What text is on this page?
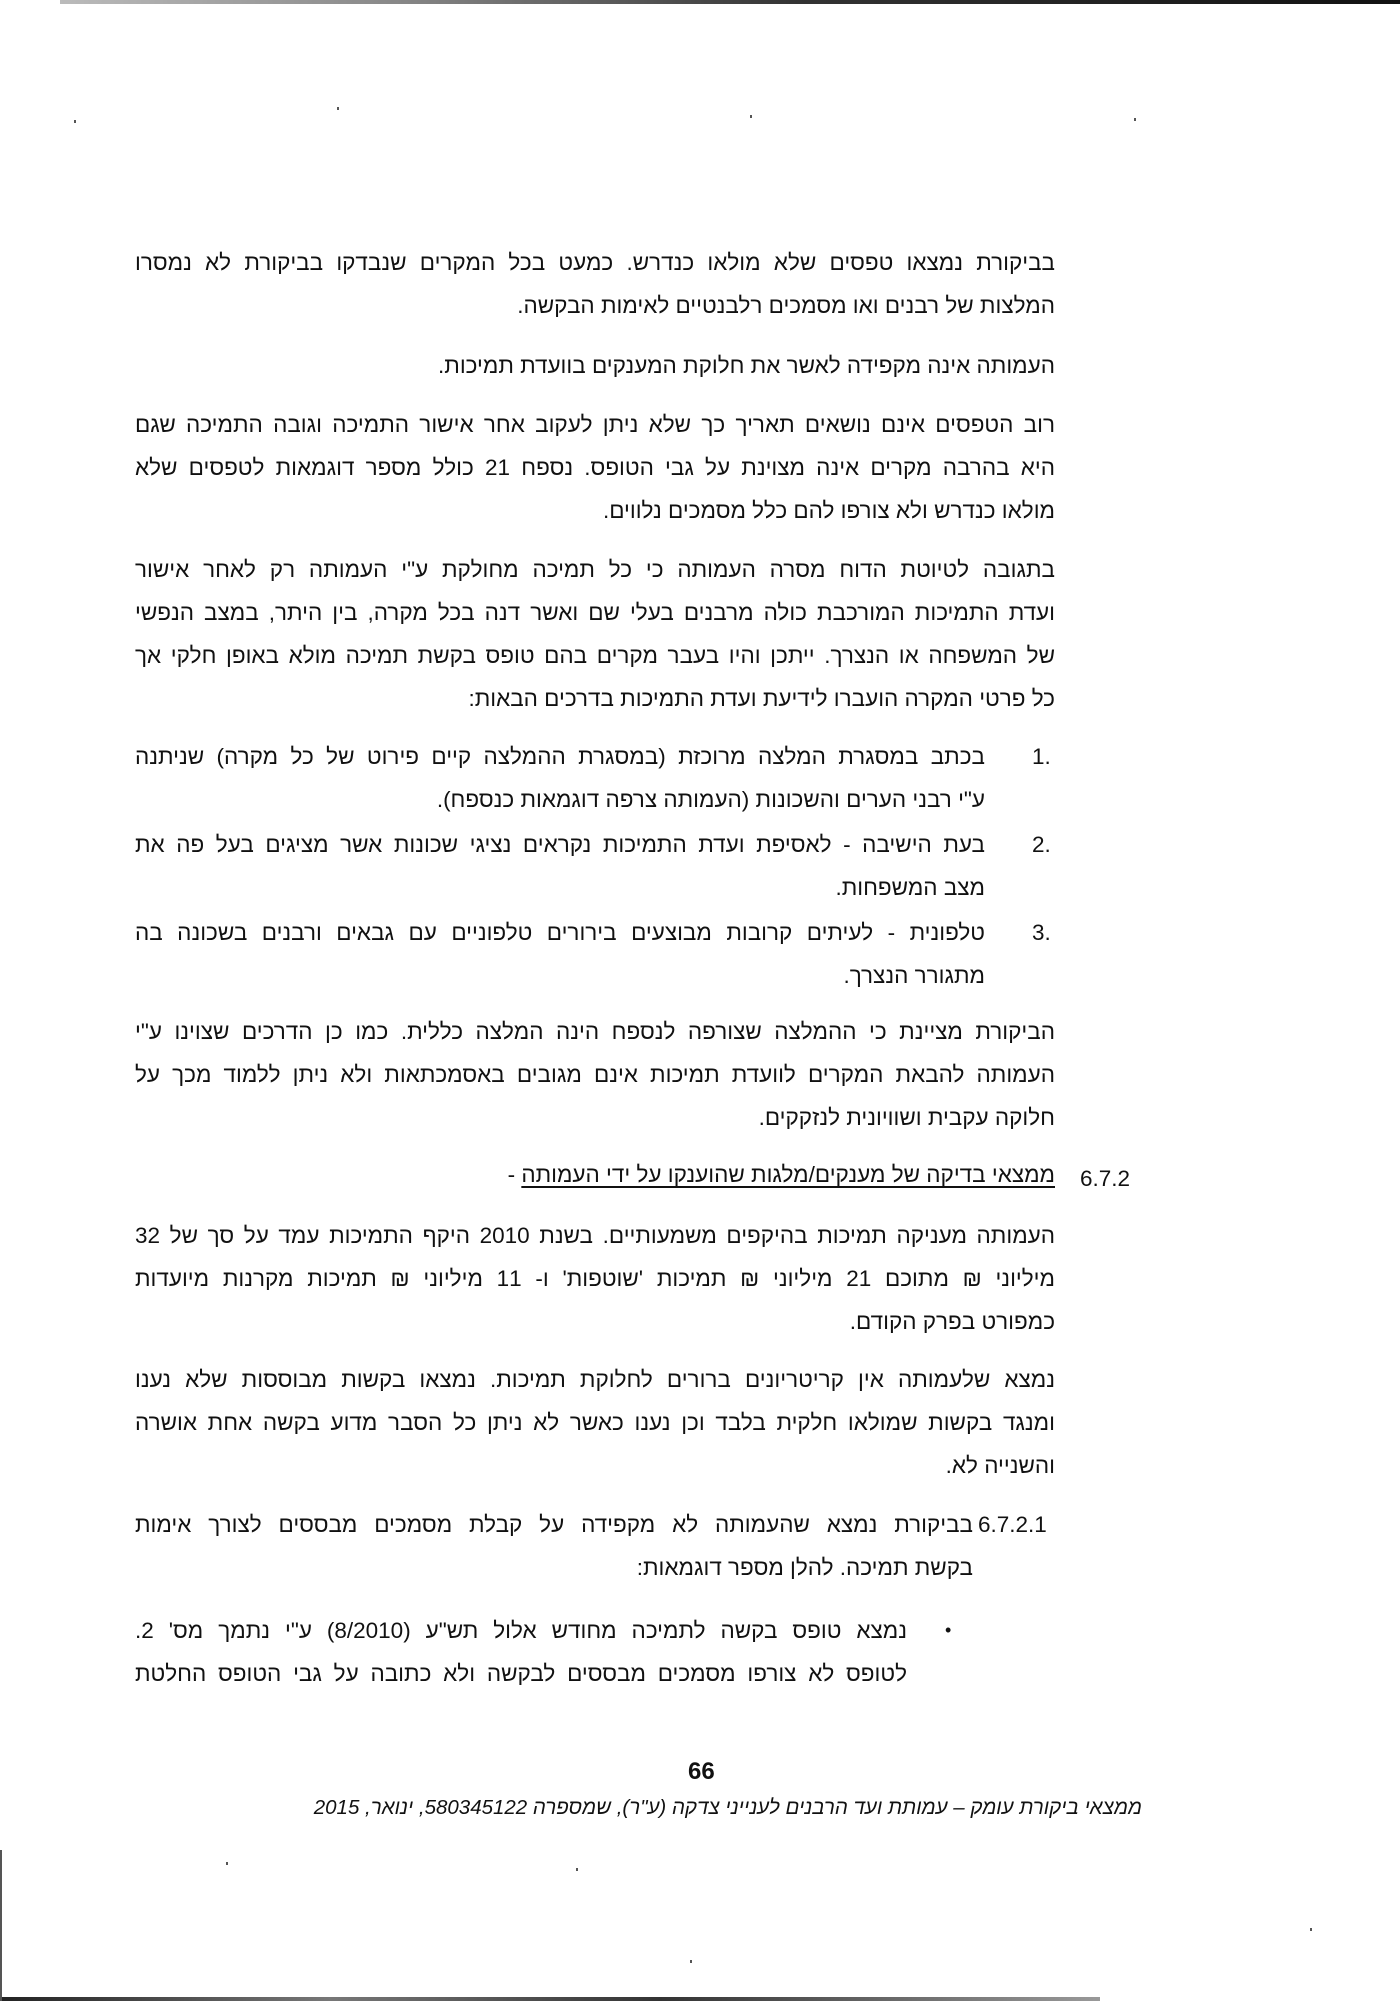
בביקורת נמצאו טפסים שלא מולאו כנדרש. כמעט בכל המקרים שנבדקו בביקורת לא נמסרו
המלצות של רבנים ואו מסמכים רלבנטיים לאימות הבקשה.
העמותה אינה מקפידה לאשר את חלוקת המענקים בוועדת תמיכות.
רוב הטפסים אינם נושאים תאריך כך שלא ניתן לעקוב אחר אישור התמיכה וגובה התמיכה שגם
היא בהרבה מקרים אינה מצוינת על גבי הטופס. נספח 21 כולל מספר דוגמאות לטפסים שלא
מולאו כנדרש ולא צורפו להם כלל מסמכים נלווים.
בתגובה לטיוטת הדוח מסרה העמותה כי כל תמיכה מחולקת ע"י העמותה רק לאחר אישור
ועדת התמיכות המורכבת כולה מרבנים בעלי שם ואשר דנה בכל מקרה, בין היתר, במצב הנפשי
של המשפחה או הנצרך. ייתכן והיו בעבר מקרים בהם טופס בקשת תמיכה מולא באופן חלקי אך
כל פרטי המקרה הועברו לידיעת ועדת התמיכות בדרכים הבאות:
1.
בכתב במסגרת המלצה מרוכזת (במסגרת ההמלצה קיים פירוט של כל מקרה) שניתנה
ע"י רבני הערים והשכונות (העמותה צרפה דוגמאות כנספח).
2.
בעת הישיבה - לאסיפת ועדת התמיכות נקראים נציגי שכונות אשר מציגים בעל פה את
מצב המשפחות.
3.
טלפונית - לעיתים קרובות מבוצעים בירורים טלפוניים עם גבאים ורבנים בשכונה בה
מתגורר הנצרך.
הביקורת מציינת כי ההמלצה שצורפה לנספח הינה המלצה כללית. כמו כן הדרכים שצוינו ע"י
העמותה להבאת המקרים לוועדת תמיכות אינם מגובים באסמכתאות ולא ניתן ללמוד מכך על
חלוקה עקבית ושוויונית לנזקקים.
6.7.2
ממצאי בדיקה של מענקים/מלגות שהוענקו על ידי העמותה -
העמותה מעניקה תמיכות בהיקפים משמעותיים. בשנת 2010 היקף התמיכות עמד על סך של 32
מיליוני ₪ מתוכם 21 מיליוני ₪ תמיכות 'שוטפות' ו- 11 מיליוני ₪ תמיכות מקרנות מיועדות
כמפורט בפרק הקודם.
נמצא שלעמותה אין קריטריונים ברורים לחלוקת תמיכות. נמצאו בקשות מבוססות שלא נענו
ומנגד בקשות שמולאו חלקית בלבד וכן נענו כאשר לא ניתן כל הסבר מדוע בקשה אחת אושרה
והשנייה לא.
6.7.2.1
בביקורת נמצא שהעמותה לא מקפידה על קבלת מסמכים מבססים לצורך אימות
בקשת תמיכה. להלן מספר דוגמאות:
•
נמצא טופס בקשה לתמיכה מחודש אלול תש"ע (8/2010) ע"י נתמך מס' 2.
לטופס לא צורפו מסמכים מבססים לבקשה ולא כתובה על גבי הטופס החלטת
66
ממצאי ביקורת עומק – עמותת ועד הרבנים לענייני צדקה (ע"ר), שמספרה 580345122, ינואר, 2015
